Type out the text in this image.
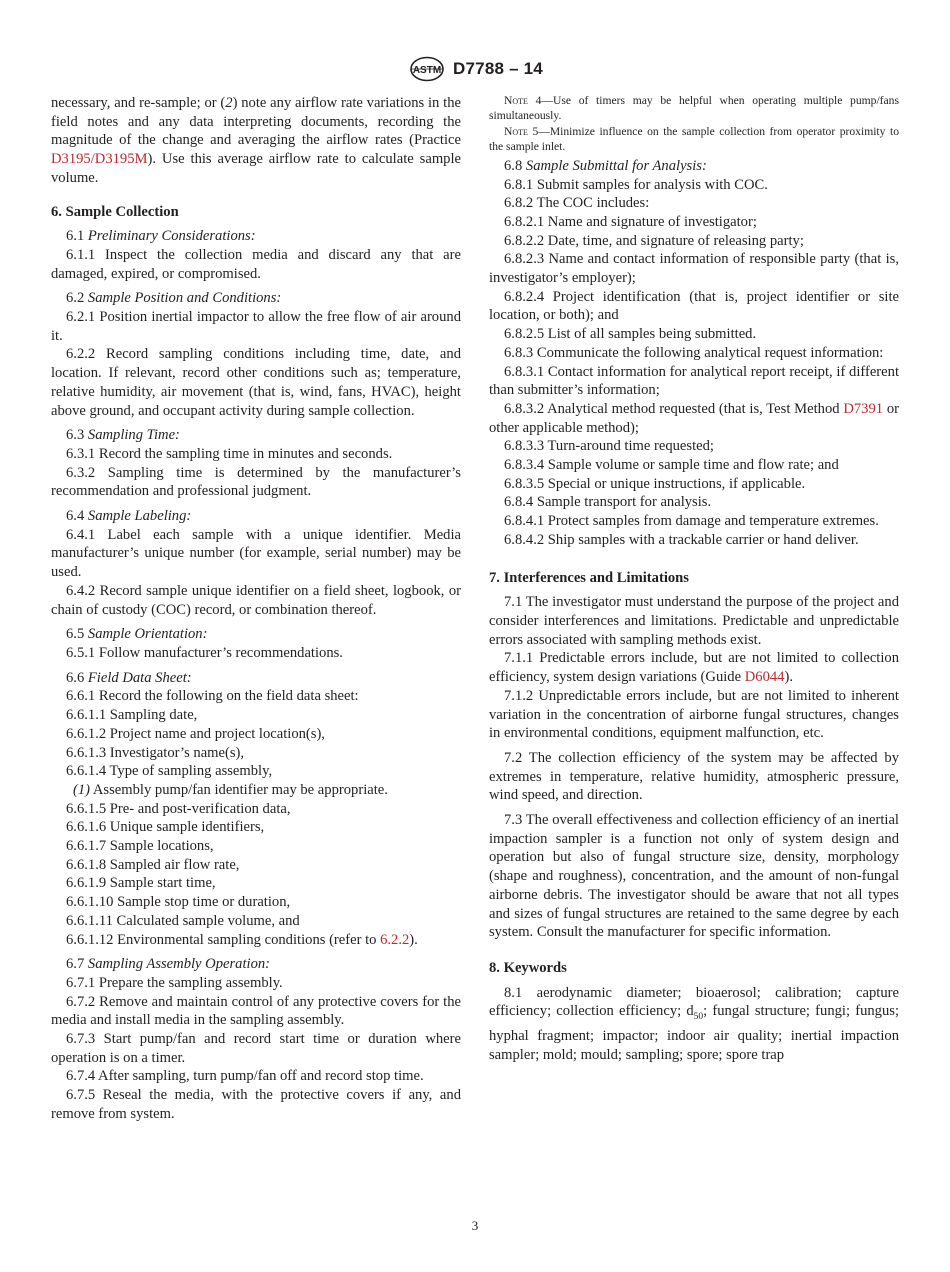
ASTM D7788 – 14

necessary, and re-sample; or (2) note any airflow rate variations in the field notes and any data interpreting documents, recording the magnitude of the change and averaging the airflow rates (Practice D3195/D3195M). Use this average airflow rate to calculate sample volume.

6. Sample Collection

6.1 Preliminary Considerations:

6.1.1 Inspect the collection media and discard any that are damaged, expired, or compromised.

6.2 Sample Position and Conditions:

6.2.1 Position inertial impactor to allow the free flow of air around it.

6.2.2 Record sampling conditions including time, date, and location. If relevant, record other conditions such as; temperature, relative humidity, air movement (that is, wind, fans, HVAC), height above ground, and occupant activity during sample collection.

6.3 Sampling Time:

6.3.1 Record the sampling time in minutes and seconds.

6.3.2 Sampling time is determined by the manufacturer’s recommendation and professional judgment.

6.4 Sample Labeling:

6.4.1 Label each sample with a unique identifier. Media manufacturer’s unique number (for example, serial number) may be used.

6.4.2 Record sample unique identifier on a field sheet, logbook, or chain of custody (COC) record, or combination thereof.

6.5 Sample Orientation:

6.5.1 Follow manufacturer’s recommendations.

6.6 Field Data Sheet:

6.6.1 Record the following on the field data sheet:

6.6.1.1 Sampling date,

6.6.1.2 Project name and project location(s),

6.6.1.3 Investigator’s name(s),

6.6.1.4 Type of sampling assembly,

(1) Assembly pump/fan identifier may be appropriate.

6.6.1.5 Pre- and post-verification data,

6.6.1.6 Unique sample identifiers,

6.6.1.7 Sample locations,

6.6.1.8 Sampled air flow rate,

6.6.1.9 Sample start time,

6.6.1.10 Sample stop time or duration,

6.6.1.11 Calculated sample volume, and

6.6.1.12 Environmental sampling conditions (refer to 6.2.2).

6.7 Sampling Assembly Operation:

6.7.1 Prepare the sampling assembly.

6.7.2 Remove and maintain control of any protective covers for the media and install media in the sampling assembly.

6.7.3 Start pump/fan and record start time or duration where operation is on a timer.

6.7.4 After sampling, turn pump/fan off and record stop time.

6.7.5 Reseal the media, with the protective covers if any, and remove from system.

Note 4—Use of timers may be helpful when operating multiple pump/fans simultaneously.

Note 5—Minimize influence on the sample collection from operator proximity to the sample inlet.

6.8 Sample Submittal for Analysis:

6.8.1 Submit samples for analysis with COC.

6.8.2 The COC includes:

6.8.2.1 Name and signature of investigator;

6.8.2.2 Date, time, and signature of releasing party;

6.8.2.3 Name and contact information of responsible party (that is, investigator’s employer);

6.8.2.4 Project identification (that is, project identifier or site location, or both); and

6.8.2.5 List of all samples being submitted.

6.8.3 Communicate the following analytical request information:

6.8.3.1 Contact information for analytical report receipt, if different than submitter’s information;

6.8.3.2 Analytical method requested (that is, Test Method D7391 or other applicable method);

6.8.3.3 Turn-around time requested;

6.8.3.4 Sample volume or sample time and flow rate; and

6.8.3.5 Special or unique instructions, if applicable.

6.8.4 Sample transport for analysis.

6.8.4.1 Protect samples from damage and temperature extremes.

6.8.4.2 Ship samples with a trackable carrier or hand deliver.

7. Interferences and Limitations

7.1 The investigator must understand the purpose of the project and consider interferences and limitations. Predictable and unpredictable errors associated with sampling methods exist.

7.1.1 Predictable errors include, but are not limited to collection efficiency, system design variations (Guide D6044).

7.1.2 Unpredictable errors include, but are not limited to inherent variation in the concentration of airborne fungal structures, changes in environmental conditions, equipment malfunction, etc.

7.2 The collection efficiency of the system may be affected by extremes in temperature, relative humidity, atmospheric pressure, wind speed, and direction.

7.3 The overall effectiveness and collection efficiency of an inertial impaction sampler is a function not only of system design and operation but also of fungal structure size, density, morphology (shape and roughness), concentration, and the amount of non-fungal airborne debris. The investigator should be aware that not all types and sizes of fungal structures are retained to the same degree by each system. Consult the manufacturer for specific information.

8. Keywords

8.1 aerodynamic diameter; bioaerosol; calibration; capture efficiency; collection efficiency; $d_{50}$; fungal structure; fungi; fungus; hyphal fragment; impactor; indoor air quality; inertial impaction sampler; mold; mould; sampling; spore; spore trap

3
